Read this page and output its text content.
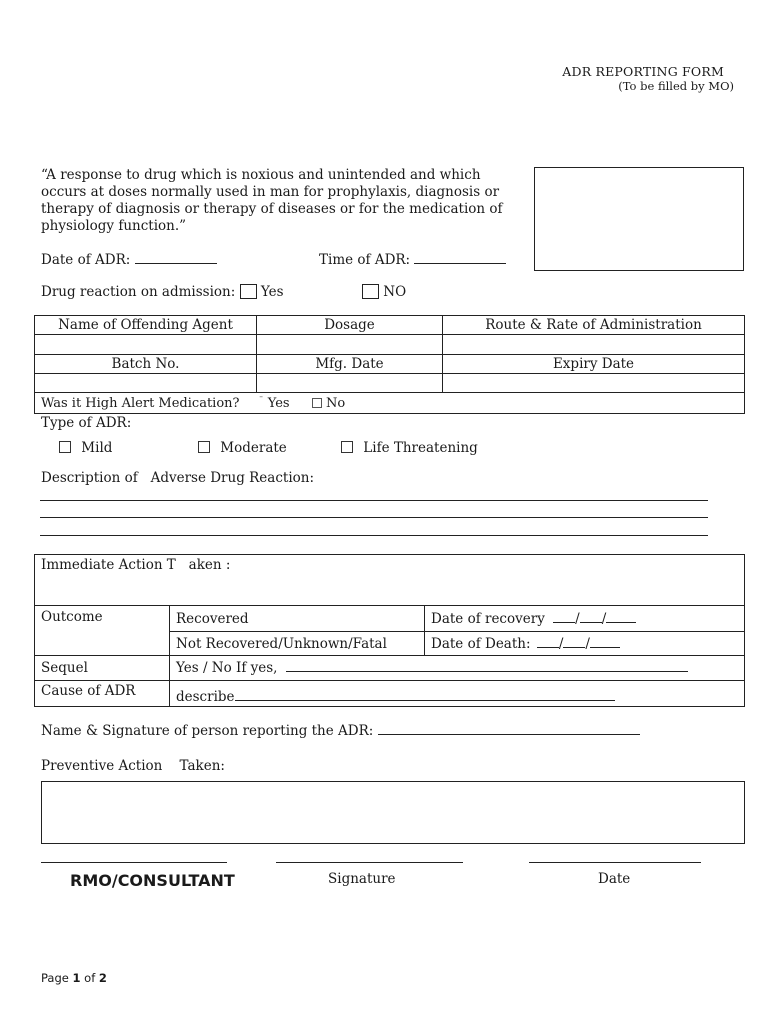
ADR REPORTING FORM
(To be filled by MO)
“A response to drug which is noxious and unintended and which occurs at doses normally used in man for prophylaxis, diagnosis or therapy of diagnosis or therapy of diseases or for the medication of physiology function.”
Date of ADR:	Time of ADR:
Drug reaction on admission: Yes	NO
Name of Offending Agent	Dosage	Route & Rate of Administration

Batch No.	Mfg. Date	Expiry Date

Was it High Alert Medication? ¯ Yes No		
Type of ADR:
Mild	Moderate	Life Threatening
Description of   Adverse Drug Reaction:
Immediate Action T   aken :		
Outcome	Recovered	Date of recovery / /
	Not Recovered/Unknown/Fatal	Date of Death: / /
Sequel	Yes / No If yes,	
Cause of ADR	describe	
Name & Signature of person reporting the ADR:
Preventive Action    Taken:
RMO/CONSULTANT	Signature	Date
Page 1 of 2
